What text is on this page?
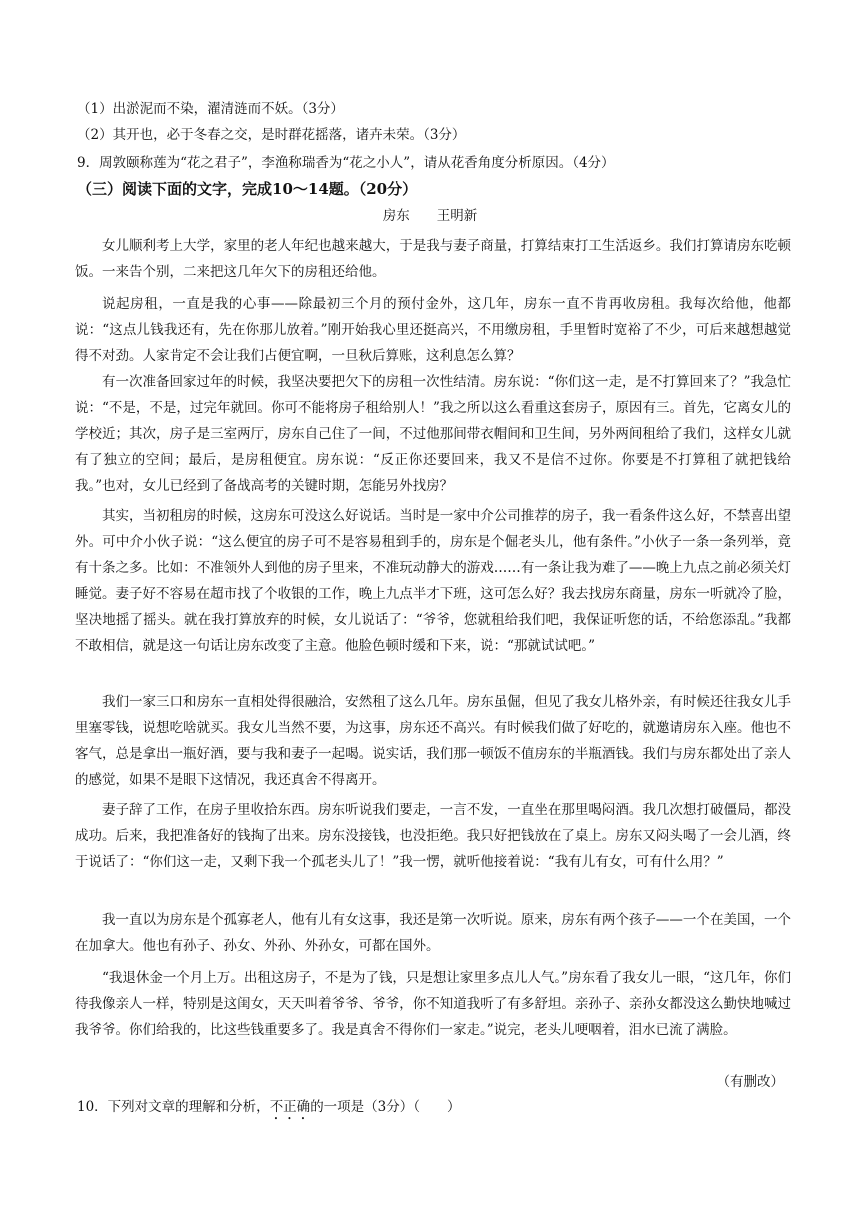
（1）出淤泥而不染，濯清涟而不妖。（3分）
（2）其开也，必于冬春之交，是时群花摇落，诸卉未荣。（3分）
9．周敦颐称莲为“花之君子”，李渔称瑞香为“花之小人”，请从花香角度分析原因。（4分）
（三）阅读下面的文字，完成10～14题。（20分）
房东　　王明新
女儿顺利考上大学，家里的老人年纪也越来越大，于是我与妻子商量，打算结束打工生活返乡。我们打算请房东吃顿饭。一来告个别，二来把这几年欠下的房租还给他。
说起房租，一直是我的心事——除最初三个月的预付金外，这几年，房东一直不肯再收房租。我每次给他，他都说：“这点儿钱我还有，先在你那儿放着。”刚开始我心里还挺高兴，不用缴房租，手里暂时宽裕了不少，可后来越想越觉得不对劲。人家肯定不会让我们占便宜啊，一旦秋后算账，这利息怎么算？
有一次准备回家过年的时候，我坚决要把欠下的房租一次性结清。房东说：“你们这一走，是不打算回来了？”我急忙说：“不是，不是，过完年就回。你可不能将房子租给别人！”我之所以这么看重这套房子，原因有三。首先，它离女儿的学校近；其次，房子是三室两厅，房东自己住了一间，不过他那间带衣帽间和卫生间，另外两间租给了我们，这样女儿就有了独立的空间；最后，是房租便宜。房东说：“反正你还要回来，我又不是信不过你。你要是不打算租了就把钱给我。”也对，女儿已经到了备战高考的关键时期，怎能另外找房？
其实，当初租房的时候，这房东可没这么好说话。当时是一家中介公司推荐的房子，我一看条件这么好，不禁喜出望外。可中介小伙子说：“这么便宜的房子可不是容易租到手的，房东是个倔老头儿，他有条件。”小伙子一条一条列举，竟有十条之多。比如：不准领外人到他的房子里来，不准玩动静大的游戏……有一条让我为难了——晚上九点之前必须关灯睡觉。妻子好不容易在超市找了个收银的工作，晚上九点半才下班，这可怎么好？我去找房东商量，房东一听就冷了脸，坚决地摇了摇头。就在我打算放弃的时候，女儿说话了：“爷爷，您就租给我们吧，我保证听您的话，不给您添乱。”我都不敢相信，就是这一句话让房东改变了主意。他脸色顿时缓和下来，说：“那就试试吧。”
我们一家三口和房东一直相处得很融洽，安然租了这么几年。房东虽倔，但见了我女儿格外亲，有时候还往我女儿手里塞零钱，说想吃啥就买。我女儿当然不要，为这事，房东还不高兴。有时候我们做了好吃的，就邀请房东入座。他也不客气，总是拿出一瓶好酒，要与我和妻子一起喝。说实话，我们那一顿饭不值房东的半瓶酒钱。我们与房东都处出了亲人的感觉，如果不是眼下这情况，我还真舍不得离开。
妻子辞了工作，在房子里收拾东西。房东听说我们要走，一言不发，一直坐在那里喝闷酒。我几次想打破僵局，都没成功。后来，我把准备好的钱掏了出来。房东没接钱，也没拒绝。我只好把钱放在了桌上。房东又闷头喝了一会儿酒，终于说话了：“你们这一走，又剩下我一个孤老头儿了！”我一愣，就听他接着说：“我有儿有女，可有什么用？”
我一直以为房东是个孤寡老人，他有儿有女这事，我还是第一次听说。原来，房东有两个孩子——一个在美国，一个在加拿大。他也有孙子、孙女、外孙、外孙女，可都在国外。
“我退休金一个月上万。出租这房子，不是为了钱，只是想让家里多点儿人气。”房东看了我女儿一眼，“这几年，你们待我像亲人一样，特别是这闺女，天天叫着爷爷、爷爷，你不知道我听了有多舒坦。亲孙子、亲孙女都没这么勤快地喊过我爷爷。你们给我的，比这些钱重要多了。我是真舍不得你们一家走。”说完，老头儿哽咽着，泪水已流了满脸。
（有删改）
10．下列对文章的理解和分析，不正确的一项是（3分）（　　）
